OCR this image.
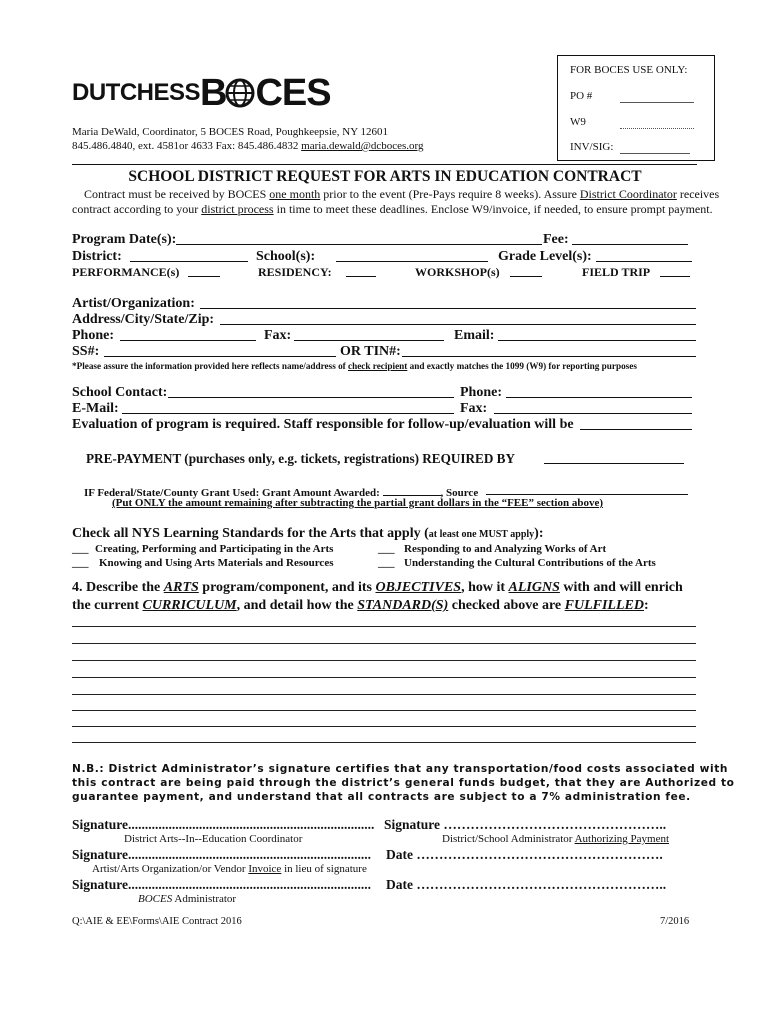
FOR BOCES USE ONLY:
PO #
W9
INV/SIG:
DUTCHESS B CES
Maria DeWald, Coordinator, 5 BOCES Road, Poughkeepsie, NY 12601
845.486.4840, ext. 4581or 4633 Fax: 845.486.4832 maria.dewald@dcboces.org
SCHOOL DISTRICT REQUEST FOR ARTS IN EDUCATION CONTRACT
Contract must be received by BOCES one month prior to the event (Pre-Pays require 8 weeks). Assure District Coordinator receives
contract according to your district process in time to meet these deadlines. Enclose W9/invoice, if needed, to ensure prompt payment.
Program Date(s):	Fee:
District:	School(s):	Grade Level(s):
PERFORMANCE(s)	RESIDENCY:	WORKSHOP(s)	FIELD TRIP
Artist/Organization:
Address/City/State/Zip:
Phone:	Fax:	Email:
SS#:	OR TIN#:
*Please assure the information provided here reflects name/address of check recipient and exactly matches the 1099 (W9) for reporting purposes
School Contact:	Phone:
E-Mail:	Fax:
Evaluation of program is required. Staff responsible for follow-up/evaluation will be
PRE-PAYMENT (purchases only, e.g. tickets, registrations) REQUIRED BY
IF Federal/State/County Grant Used: Grant Amount Awarded:	, Source
(Put ONLY the amount remaining after subtracting the partial grant dollars in the “FEE” section above)
Check all NYS Learning Standards for the Arts that apply (at least one MUST apply):
___ Creating, Performing and Participating in the Arts	___ Responding to and Analyzing Works of Art
___ Knowing and Using Arts Materials and Resources	___ Understanding the Cultural Contributions of the Arts
4. Describe the ARTS program/component, and its OBJECTIVES, how it ALIGNS with and will enrich
the current CURRICULUM, and detail how the STANDARD(S) checked above are FULFILLED:
N.B.: District Administrator’s signature certifies that any transportation/food costs associated with
this contract are being paid through the district’s general funds budget, that they are Authorized to
guarantee payment, and understand that all contracts are subject to a 7% administration fee.
Signature......................................................................... Signature …………………………………………..
District Arts--In--Education Coordinator	District/School Administrator Authorizing Payment
Signature........................................................................ Date ……………………………………………….
Artist/Arts Organization/or Vendor Invoice in lieu of signature
Signature........................................................................ Date ………………………………………………..
BOCES Administrator
Q:\AIE & EE\Forms\AIE Contract 2016	7/2016
